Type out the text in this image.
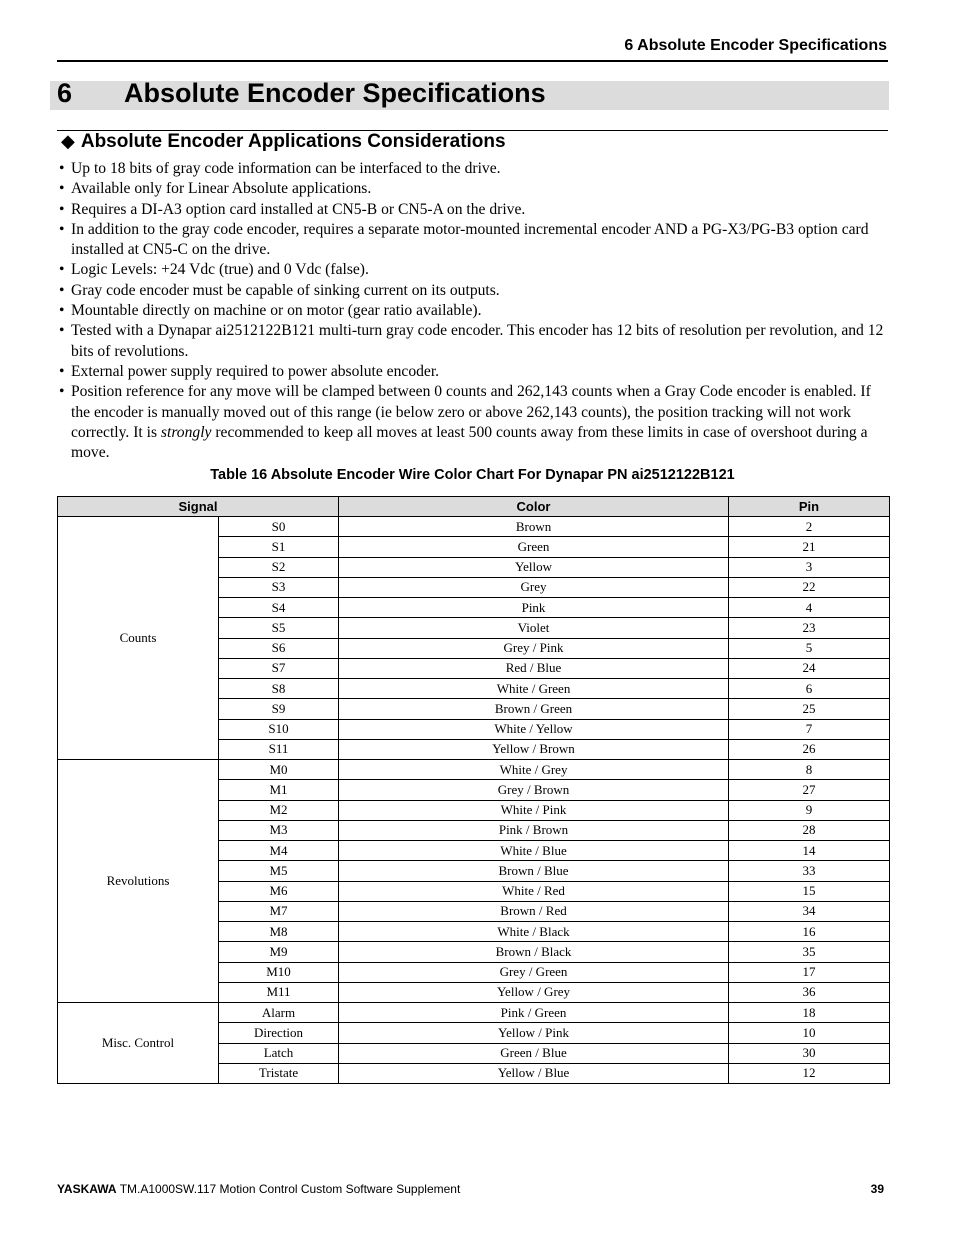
6 Absolute Encoder Specifications
6 Absolute Encoder Specifications
◆ Absolute Encoder Applications Considerations
• Up to 18 bits of gray code information can be interfaced to the drive.
• Available only for Linear Absolute applications.
• Requires a DI-A3 option card installed at CN5-B or CN5-A on the drive.
• In addition to the gray code encoder, requires a separate motor-mounted incremental encoder AND a PG-X3/PG-B3 option card installed at CN5-C on the drive.
• Logic Levels: +24 Vdc (true) and 0 Vdc (false).
• Gray code encoder must be capable of sinking current on its outputs.
• Mountable directly on machine or on motor (gear ratio available).
• Tested with a Dynapar ai2512122B121 multi-turn gray code encoder. This encoder has 12 bits of resolution per revolution, and 12 bits of revolutions.
• External power supply required to power absolute encoder.
• Position reference for any move will be clamped between 0 counts and 262,143 counts when a Gray Code encoder is enabled. If the encoder is manually moved out of this range (ie below zero or above 262,143 counts), the position tracking will not work correctly. It is strongly recommended to keep all moves at least 500 counts away from these limits in case of overshoot during a move.
Table 16 Absolute Encoder Wire Color Chart For Dynapar PN ai2512122B121
Signal		Color	Pin
Counts	S0	Brown	2
	S1	Green	21
	S2	Yellow	3
	S3	Grey	22
	S4	Pink	4
	S5	Violet	23
	S6	Grey / Pink	5
	S7	Red / Blue	24
	S8	White / Green	6
	S9	Brown / Green	25
	S10	White / Yellow	7
	S11	Yellow / Brown	26
Revolutions	M0	White / Grey	8
	M1	Grey / Brown	27
	M2	White / Pink	9
	M3	Pink / Brown	28
	M4	White / Blue	14
	M5	Brown / Blue	33
	M6	White / Red	15
	M7	Brown / Red	34
	M8	White / Black	16
	M9	Brown / Black	35
	M10	Grey / Green	17
	M11	Yellow / Grey	36
Misc. Control	Alarm	Pink / Green	18
	Direction	Yellow / Pink	10
	Latch	Green / Blue	30
	Tristate	Yellow / Blue	12
YASKAWA TM.A1000SW.117 Motion Control Custom Software Supplement	39
